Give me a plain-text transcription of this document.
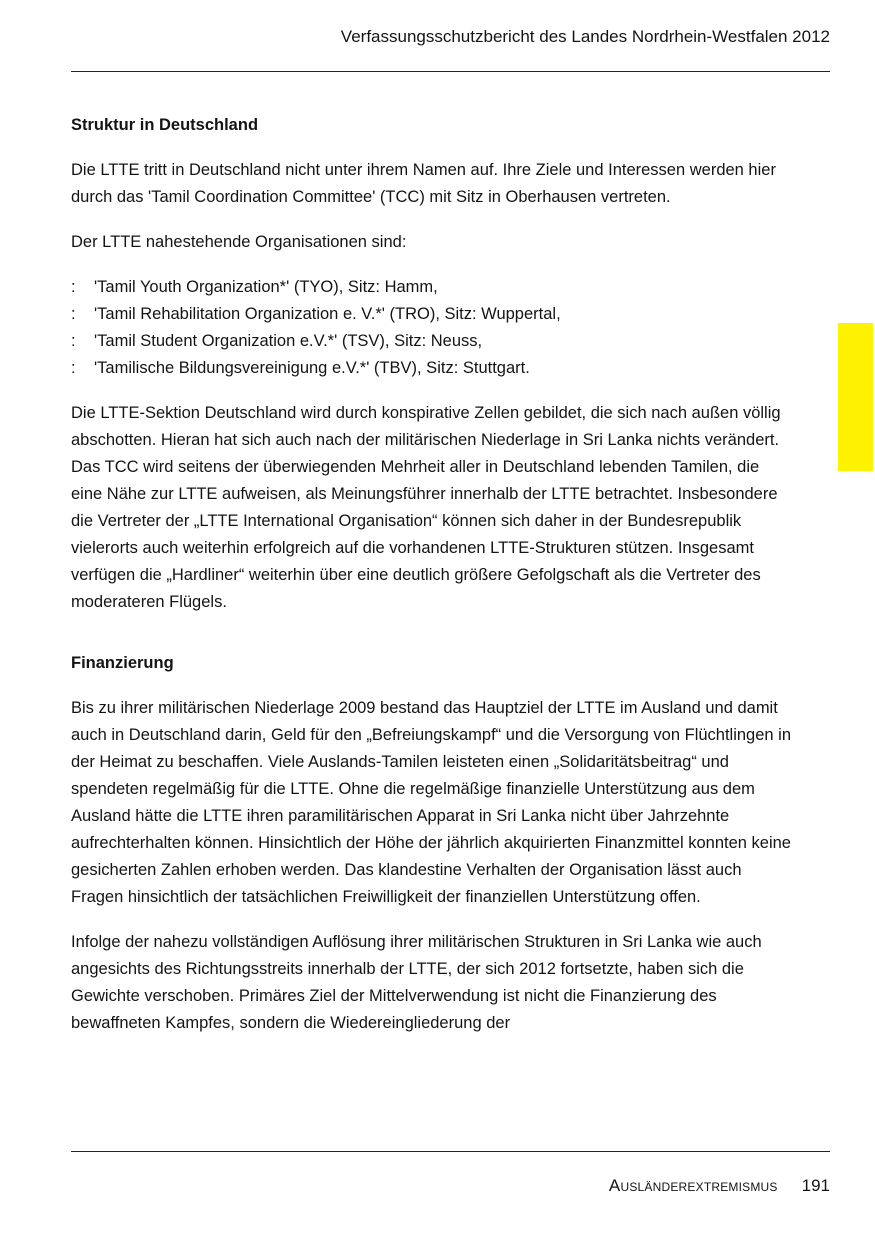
Verfassungsschutzbericht des Landes Nordrhein-Westfalen 2012
Struktur in Deutschland

Die LTTE tritt in Deutschland nicht unter ihrem Namen auf. Ihre Ziele und Interessen werden hier durch das 'Tamil Coordination Committee' (TCC) mit Sitz in Oberhausen vertreten.

Der LTTE nahestehende Organisationen sind:

: 'Tamil Youth Organization*' (TYO), Sitz: Hamm,
: 'Tamil Rehabilitation Organization e. V.*' (TRO), Sitz: Wuppertal,
: 'Tamil Student Organization e.V.*' (TSV), Sitz: Neuss,
: 'Tamilische Bildungsvereinigung e.V.*' (TBV), Sitz: Stuttgart.

Die LTTE-Sektion Deutschland wird durch konspirative Zellen gebildet, die sich nach außen völlig abschotten. Hieran hat sich auch nach der militärischen Niederlage in Sri Lanka nichts verändert. Das TCC wird seitens der überwiegenden Mehrheit aller in Deutschland lebenden Tamilen, die eine Nähe zur LTTE aufweisen, als Meinungsführer innerhalb der LTTE betrachtet. Insbesondere die Vertreter der „LTTE International Organisation“ können sich daher in der Bundesrepublik vielerorts auch weiterhin erfolgreich auf die vorhandenen LTTE-Strukturen stützen. Insgesamt verfügen die „Hardliner“ weiterhin über eine deutlich größere Gefolgschaft als die Vertreter des moderateren Flügels.

Finanzierung

Bis zu ihrer militärischen Niederlage 2009 bestand das Hauptziel der LTTE im Ausland und damit auch in Deutschland darin, Geld für den „Befreiungskampf“ und die Versorgung von Flüchtlingen in der Heimat zu beschaffen. Viele Auslands-Tamilen leisteten einen „Solidaritätsbeitrag“ und spendeten regelmäßig für die LTTE. Ohne die regelmäßige finanzielle Unterstützung aus dem Ausland hätte die LTTE ihren paramilitärischen Apparat in Sri Lanka nicht über Jahrzehnte aufrechterhalten können. Hinsichtlich der Höhe der jährlich akquirierten Finanzmittel konnten keine gesicherten Zahlen erhoben werden. Das klandestine Verhalten der Organisation lässt auch Fragen hinsichtlich der tatsächlichen Freiwilligkeit der finanziellen Unterstützung offen.

Infolge der nahezu vollständigen Auflösung ihrer militärischen Strukturen in Sri Lanka wie auch angesichts des Richtungsstreits innerhalb der LTTE, der sich 2012 fortsetzte, haben sich die Gewichte verschoben. Primäres Ziel der Mittelverwendung ist nicht die Finanzierung des bewaffneten Kampfes, sondern die Wiedereingliederung der

Ausländerextremismus 191
